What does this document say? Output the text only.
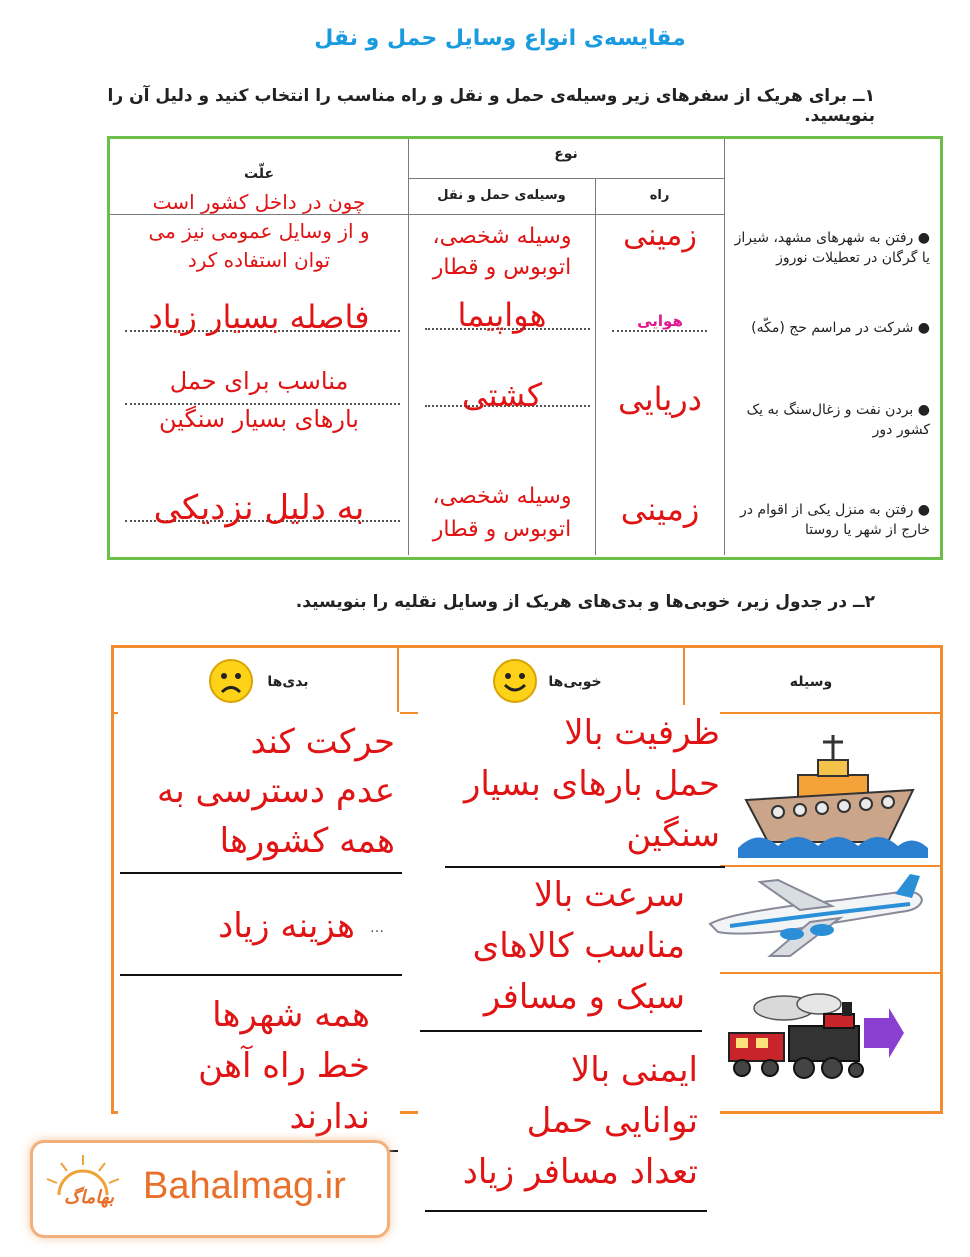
مقایسه‌ی انواع وسایل حمل و نقل
۱ــ برای هریک از سفرهای زیر وسیله‌ی حمل و نقل و راه مناسب را انتخاب کنید و دلیل آن را بنویسید.
نوع
راه
وسیله‌ی حمل و نقل
علّت
● رفتن به شهرهای مشهد، شیراز یا گرگان در تعطیلات نوروز
زمینی
وسیله شخصی،
اتوبوس و قطار
چون در داخل کشور است
و از وسایل عمومی نیز می
توان استفاده کرد
● شرکت در مراسم حج (مکّه)
هوایی
هواپیما
فاصله بسیار زیاد
● بردن نفت و زغال‌سنگ به یک کشور دور
دریایی
کشتی
مناسب برای حمل
بارهای بسیار سنگین
● رفتن به منزل یکی از اقوام در خارج از شهر یا روستا
زمینی
وسیله شخصی،
اتوبوس و قطار
به دلیل نزدیکی
۲ــ در جدول زیر، خوبی‌ها و بدی‌های هریک از وسایل نقلیه را بنویسید.
وسیله
خوبی‌ها
بدی‌ها
ظرفیت بالا
حمل بارهای بسیار
سنگین
حرکت کند
عدم دسترسی به
همه کشورها
سرعت بالا
مناسب کالاهای
سبک و مسافر
هزینه زیاد …
ایمنی بالا
توانایی حمل
تعداد مسافر زیاد
همه شهرها
خط راه آهن
ندارند
بهاماگ Bahalmag.ir
